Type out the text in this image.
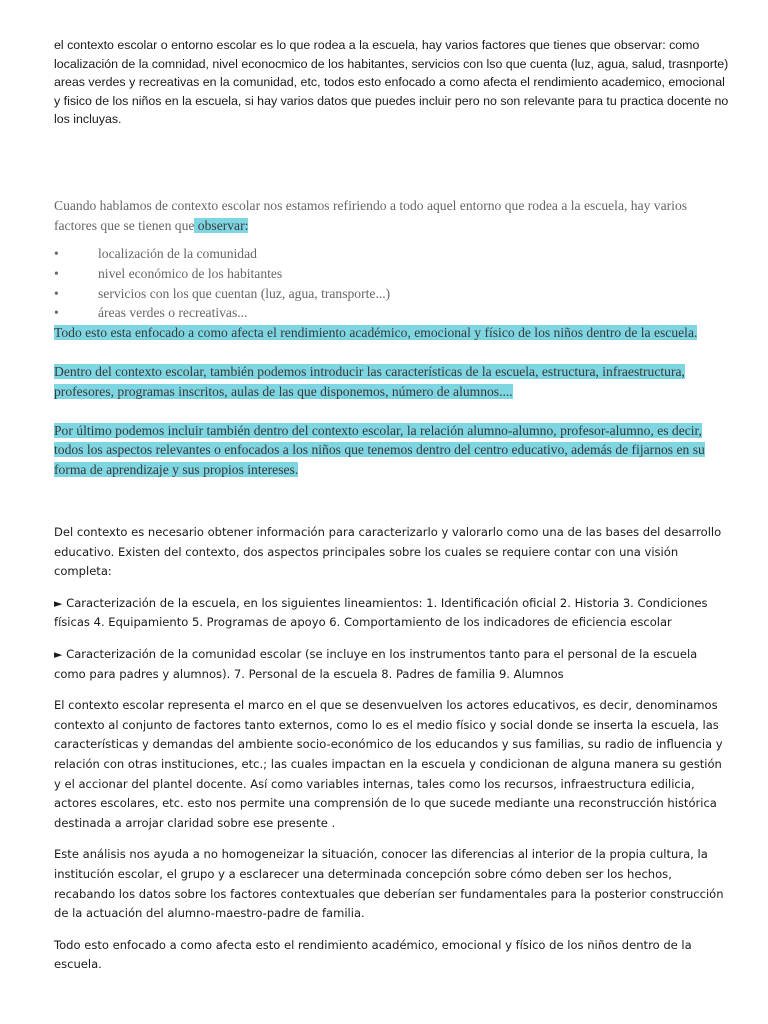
el contexto escolar o entorno escolar es lo que rodea a la escuela, hay varios factores que tienes que observar: como localización de la comnidad, nivel econocmico de los habitantes, servicios con lso que cuenta (luz, agua, salud, trasnporte) areas verdes y recreativas en la comunidad, etc, todos esto enfocado a como afecta el rendimiento academico, emocional y fisico de los niños en la escuela, si hay varios datos que puedes incluir pero no son relevante para tu practica docente no los incluyas.

Cuando hablamos de contexto escolar nos estamos refiriendo a todo aquel entorno que rodea a la escuela, hay varios factores que se tienen que observar:

•	localización de la comunidad
•	nivel económico de los habitantes
•	servicios con los que cuentan (luz, agua, transporte...)
•	áreas verdes o recreativas...

Todo esto esta enfocado a como afecta el rendimiento académico, emocional y físico de los niños dentro de la escuela.

Dentro del contexto escolar, también podemos introducir las características de la escuela, estructura, infraestructura, profesores, programas inscritos, aulas de las que disponemos, número de alumnos....

Por último podemos incluir también dentro del contexto escolar, la relación alumno-alumno, profesor-alumno, es decir, todos los aspectos relevantes o enfocados a los niños que tenemos dentro del centro educativo, además de fijarnos en su forma de aprendizaje y sus propios intereses.

Del contexto es necesario obtener información para caracterizarlo y valorarlo como una de las bases del desarrollo educativo. Existen del contexto, dos aspectos principales sobre los cuales se requiere contar con una visión completa:

► Caracterización de la escuela, en los siguientes lineamientos: 1. Identificación oficial 2. Historia 3. Condiciones físicas 4. Equipamiento 5. Programas de apoyo 6. Comportamiento de los indicadores de eficiencia escolar

► Caracterización de la comunidad escolar (se incluye en los instrumentos tanto para el personal de la escuela como para padres y alumnos). 7. Personal de la escuela 8. Padres de familia 9. Alumnos

El contexto escolar representa el marco en el que se desenvuelven los actores educativos, es decir, denominamos contexto al conjunto de factores tanto externos, como lo es el medio físico y social donde se inserta la escuela, las características y demandas del ambiente socio-económico de los educandos y sus familias, su radio de influencia y relación con otras instituciones, etc.; las cuales impactan en la escuela y condicionan de alguna manera su gestión y el accionar del plantel docente. Así como variables internas, tales como los recursos, infraestructura edilicia, actores escolares, etc. esto nos permite una comprensión de lo que sucede mediante una reconstrucción histórica destinada a arrojar claridad sobre ese presente .

Este análisis nos ayuda a no homogeneizar la situación, conocer las diferencias al interior de la propia cultura, la institución escolar, el grupo y a esclarecer una determinada concepción sobre cómo deben ser los hechos, recabando los datos sobre los factores contextuales que deberían ser fundamentales para la posterior construcción de la actuación del alumno-maestro-padre de familia.

Todo esto enfocado a como afecta esto el rendimiento académico, emocional y físico de los niños dentro de la escuela.
